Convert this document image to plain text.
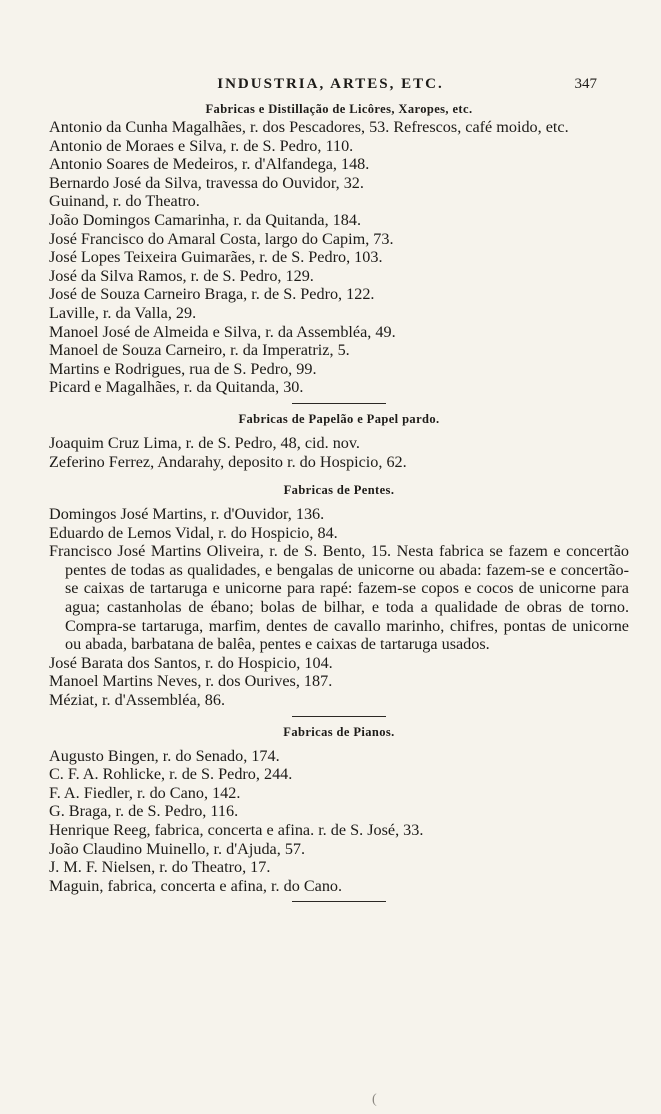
INDUSTRIA, ARTES, ETC.	347

Fabricas e Distillação de Licôres, Xaropes, etc.

Antonio da Cunha Magalhães, r. dos Pescadores, 53. Refrescos, café moido, etc.

Antonio de Moraes e Silva, r. de S. Pedro, 110.

Antonio Soares de Medeiros, r. d'Alfandega, 148.

Bernardo José da Silva, travessa do Ouvidor, 32.

Guinand, r. do Theatro.

João Domingos Camarinha, r. da Quitanda, 184.

José Francisco do Amaral Costa, largo do Capim, 73.

José Lopes Teixeira Guimarães, r. de S. Pedro, 103.

José da Silva Ramos, r. de S. Pedro, 129.

José de Souza Carneiro Braga, r. de S. Pedro, 122.

Laville, r. da Valla, 29.

Manoel José de Almeida e Silva, r. da Assembléa, 49.

Manoel de Souza Carneiro, r. da Imperatriz, 5.

Martins e Rodrigues, rua de S. Pedro, 99.

Picard e Magalhães, r. da Quitanda, 30.

Fabricas de Papelão e Papel pardo.

Joaquim Cruz Lima, r. de S. Pedro, 48, cid. nov.

Zeferino Ferrez, Andarahy, deposito r. do Hospicio, 62.

Fabricas de Pentes.

Domingos José Martins, r. d'Ouvidor, 136.

Eduardo de Lemos Vidal, r. do Hospicio, 84.

Francisco José Martins Oliveira, r. de S. Bento, 15. Nesta fabrica se fazem e concertão pentes de todas as qualidades, e bengalas de unicorne ou abada: fazem-se e concertão-se caixas de tartaruga e unicorne para rapé: fazem-se copos e cocos de unicorne para agua; castanholas de ébano; bolas de bilhar, e toda a qualidade de obras de torno. Compra-se tartaruga, marfim, dentes de cavallo marinho, chifres, pontas de unicorne ou abada, barbatana de balêa, pentes e caixas de tartaruga usados.

José Barata dos Santos, r. do Hospicio, 104.

Manoel Martins Neves, r. dos Ourives, 187.

Méziat, r. d'Assembléa, 86.

Fabricas de Pianos.

Augusto Bingen, r. do Senado, 174.

C. F. A. Rohlicke, r. de S. Pedro, 244.

F. A. Fiedler, r. do Cano, 142.

G. Braga, r. de S. Pedro, 116.

Henrique Reeg, fabrica, concerta e afina. r. de S. José, 33.

João Claudino Muinello, r. d'Ajuda, 57.

J. M. F. Nielsen, r. do Theatro, 17.

Maguin, fabrica, concerta e afina, r. do Cano.

(
